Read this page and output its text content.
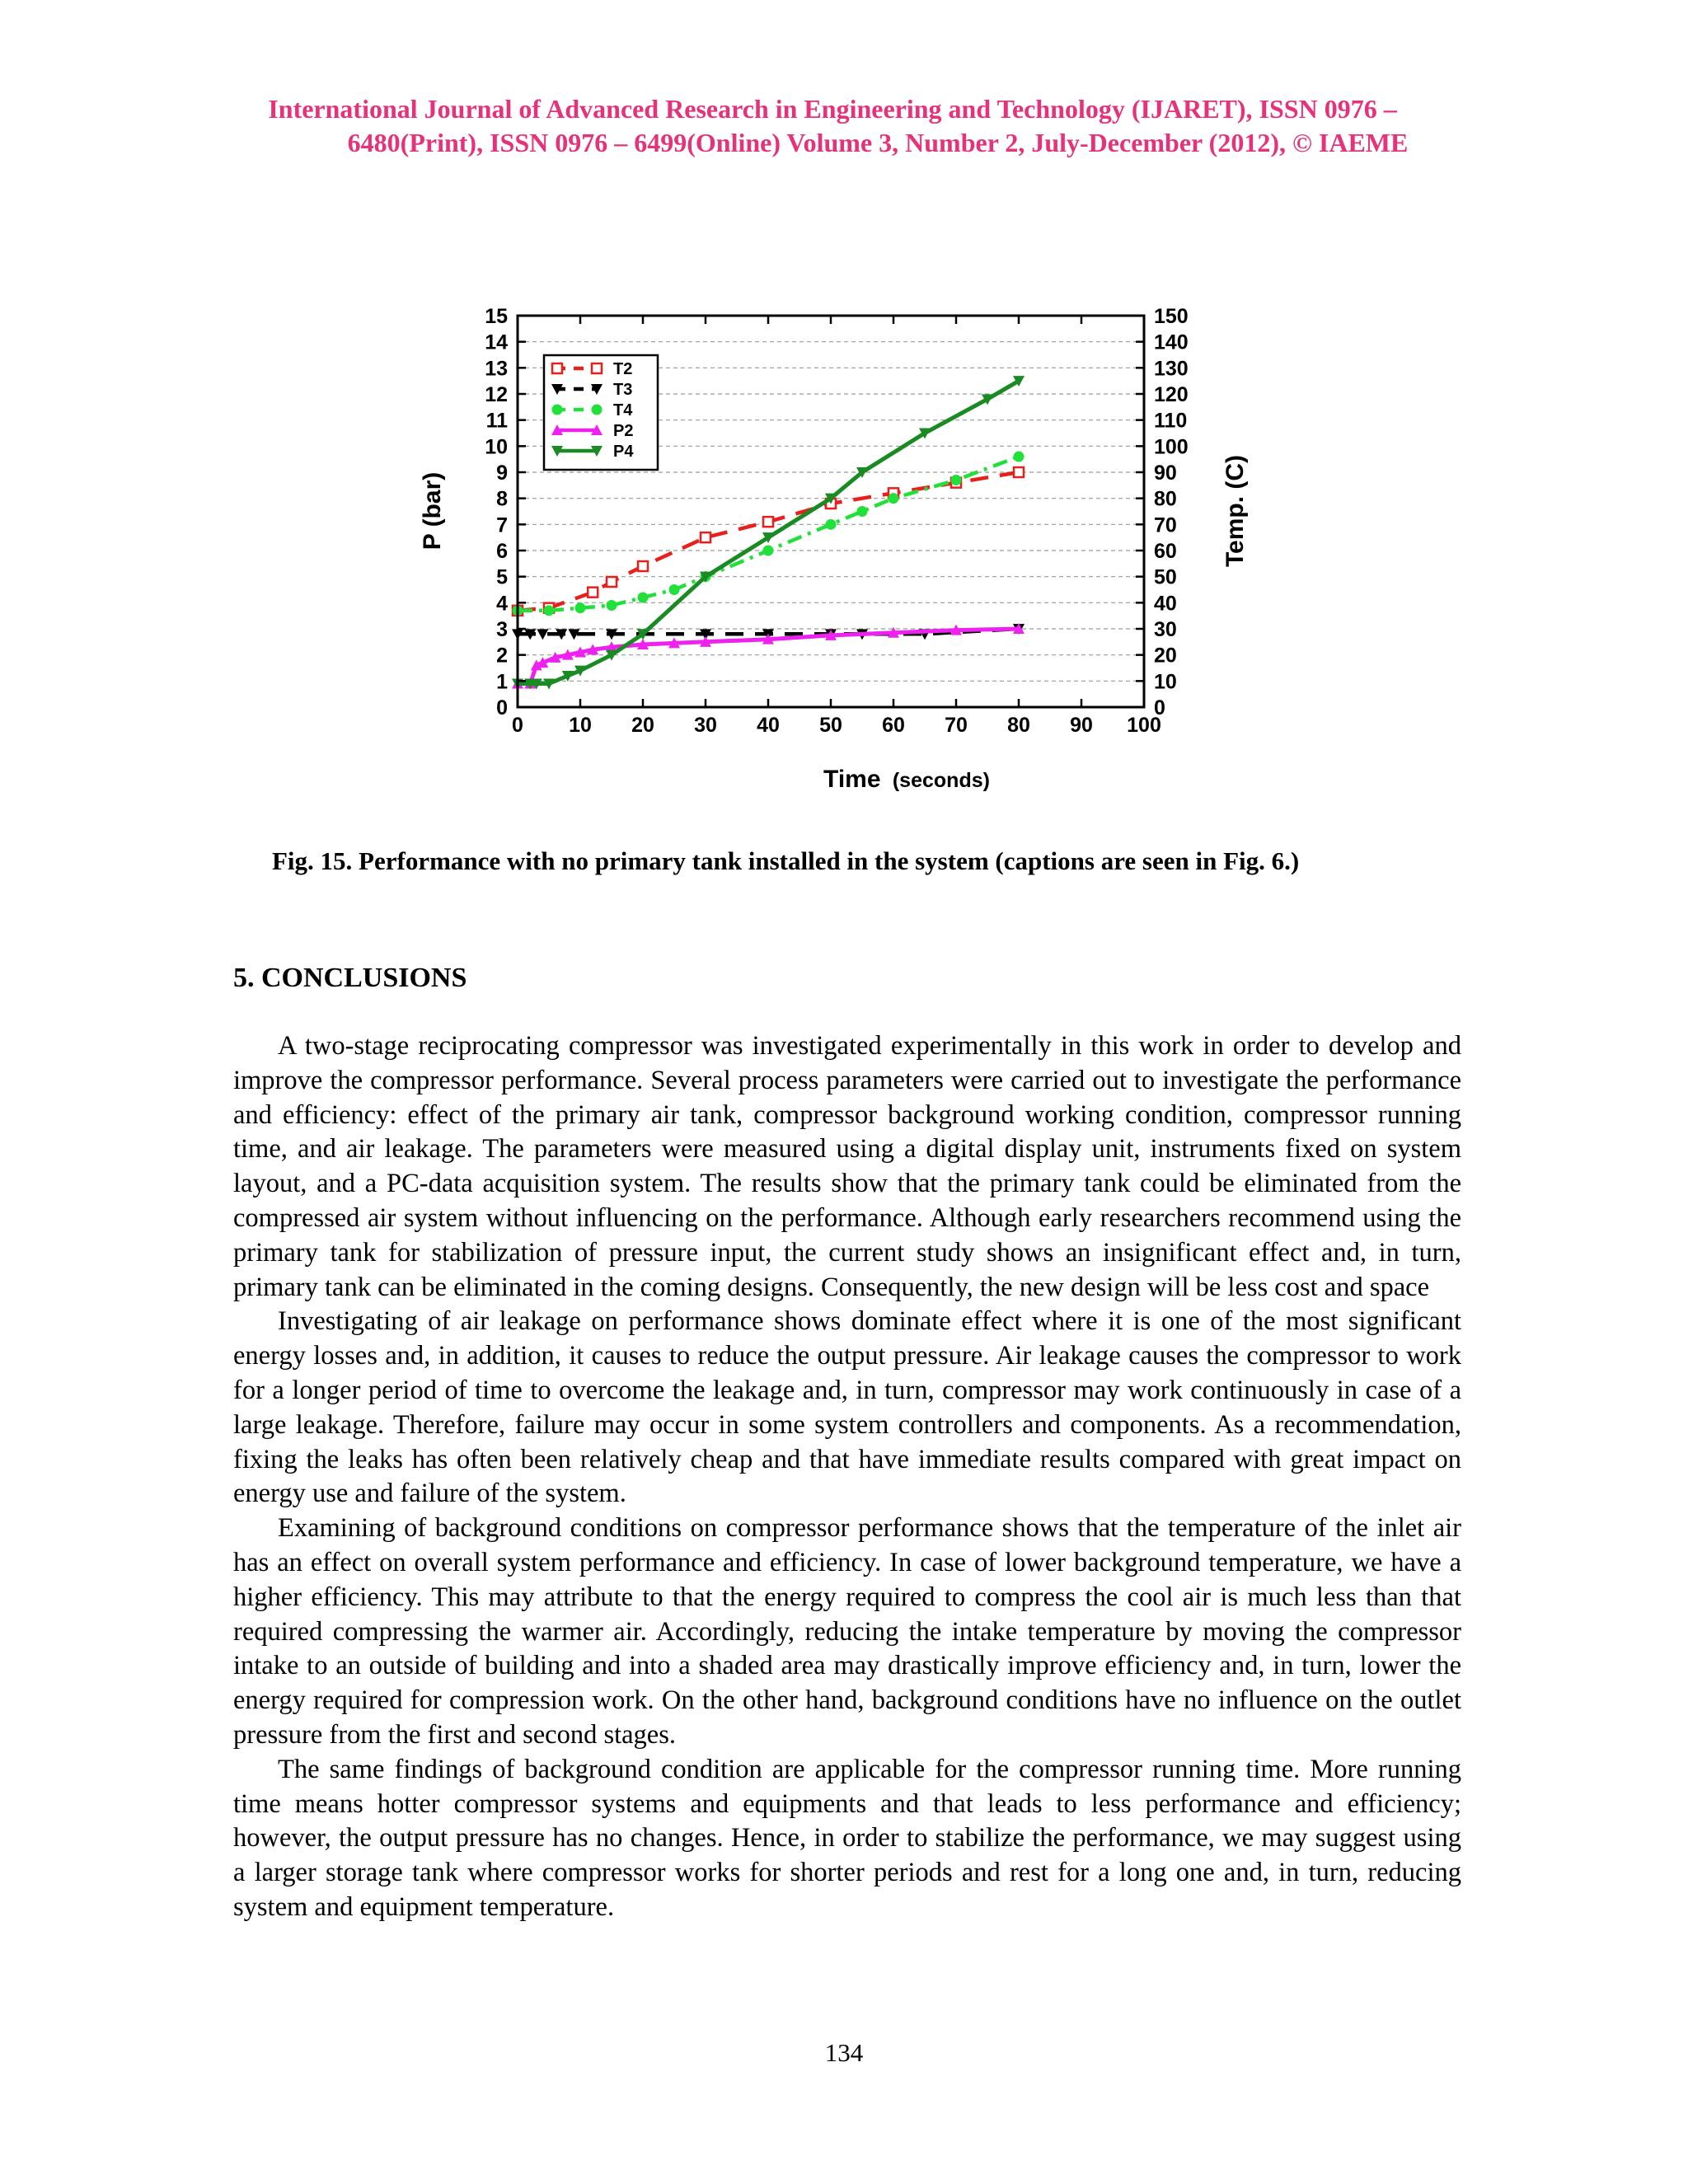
International Journal of Advanced Research in Engineering and Technology (IJARET), ISSN 0976 –
6480(Print), ISSN 0976 – 6499(Online) Volume 3, Number 2, July-December (2012), © IAEME
0	0
1	10
2	20
3	30
4	40
5	50
6	60
7	70
8	80
9	90
10	100
11	110
12	120
13	130
14	140
15	150
0 10 20 30 40 50 60 70 80 90 100
T2
T3
T4
P2
P4
P (bar)	Temp. (C)
Time (seconds)
Fig. 15. Performance with no primary tank installed in the system (captions are seen in Fig. 6.)
5. CONCLUSIONS

A two-stage reciprocating compressor was investigated experimentally in this work in order to develop and improve the compressor performance. Several process parameters were carried out to investigate the performance and efficiency: effect of the primary air tank, compressor background working condition, compressor running time, and air leakage. The parameters were measured using a digital display unit, instruments fixed on system layout, and a PC-data acquisition system. The results show that the primary tank could be eliminated from the compressed air system without influencing on the performance. Although early researchers recommend using the primary tank for stabilization of pressure input, the current study shows an insignificant effect and, in turn, primary tank can be eliminated in the coming designs. Consequently, the new design will be less cost and space

Investigating of air leakage on performance shows dominate effect where it is one of the most significant energy losses and, in addition, it causes to reduce the output pressure. Air leakage causes the compressor to work for a longer period of time to overcome the leakage and, in turn, compressor may work continuously in case of a large leakage. Therefore, failure may occur in some system controllers and components. As a recommendation, fixing the leaks has often been relatively cheap and that have immediate results compared with great impact on energy use and failure of the system.

Examining of background conditions on compressor performance shows that the temperature of the inlet air has an effect on overall system performance and efficiency. In case of lower background temperature, we have a higher efficiency. This may attribute to that the energy required to compress the cool air is much less than that required compressing the warmer air. Accordingly, reducing the intake temperature by moving the compressor intake to an outside of building and into a shaded area may drastically improve efficiency and, in turn, lower the energy required for compression work. On the other hand, background conditions have no influence on the outlet pressure from the first and second stages.

The same findings of background condition are applicable for the compressor running time. More running time means hotter compressor systems and equipments and that leads to less performance and efficiency; however, the output pressure has no changes. Hence, in order to stabilize the performance, we may suggest using a larger storage tank where compressor works for shorter periods and rest for a long one and, in turn, reducing system and equipment temperature.

134
